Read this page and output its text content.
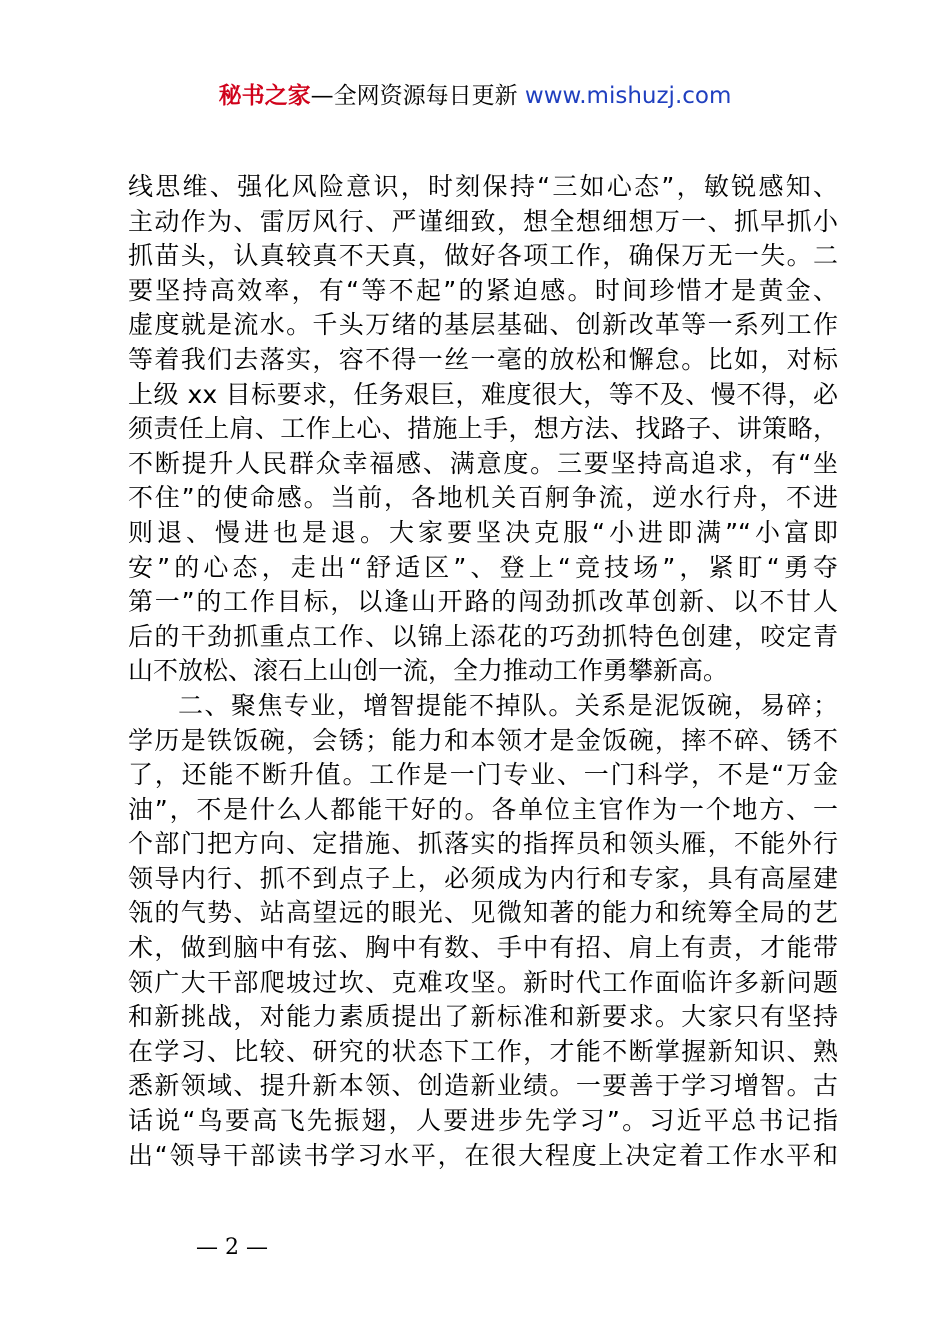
秘书之家—全网资源每日更新 www.mishuzj.com
线思维、强化风险意识，时刻保持“三如心态”，敏锐感知、
主动作为、雷厉风行、严谨细致，想全想细想万一、抓早抓小
抓苗头，认真较真不天真，做好各项工作，确保万无一失。二
要坚持高效率，有“等不起”的紧迫感。时间珍惜才是黄金、
虚度就是流水。千头万绪的基层基础、创新改革等一系列工作
等着我们去落实，容不得一丝一毫的放松和懈怠。比如，对标
上级 xx 目标要求，任务艰巨，难度很大，等不及、慢不得，必
须责任上肩、工作上心、措施上手，想方法、找路子、讲策略，
不断提升人民群众幸福感、满意度。三要坚持高追求，有“坐
不住”的使命感。当前，各地机关百舸争流，逆水行舟，不进
则退、慢进也是退。大家要坚决克服“小进即满”“小富即
安”的心态，走出“舒适区”、登上“竞技场”，紧盯“勇夺
第一”的工作目标，以逢山开路的闯劲抓改革创新、以不甘人
后的干劲抓重点工作、以锦上添花的巧劲抓特色创建，咬定青
山不放松、滚石上山创一流，全力推动工作勇攀新高。
二、聚焦专业，增智提能不掉队。关系是泥饭碗，易碎；
学历是铁饭碗，会锈；能力和本领才是金饭碗，摔不碎、锈不
了，还能不断升值。工作是一门专业、一门科学，不是“万金
油”，不是什么人都能干好的。各单位主官作为一个地方、一
个部门把方向、定措施、抓落实的指挥员和领头雁，不能外行
领导内行、抓不到点子上，必须成为内行和专家，具有高屋建
瓴的气势、站高望远的眼光、见微知著的能力和统筹全局的艺
术，做到脑中有弦、胸中有数、手中有招、肩上有责，才能带
领广大干部爬坡过坎、克难攻坚。新时代工作面临许多新问题
和新挑战，对能力素质提出了新标准和新要求。大家只有坚持
在学习、比较、研究的状态下工作，才能不断掌握新知识、熟
悉新领域、提升新本领、创造新业绩。一要善于学习增智。古
话说“鸟要高飞先振翅，人要进步先学习”。习近平总书记指
出“领导干部读书学习水平，在很大程度上决定着工作水平和
— 2 —
